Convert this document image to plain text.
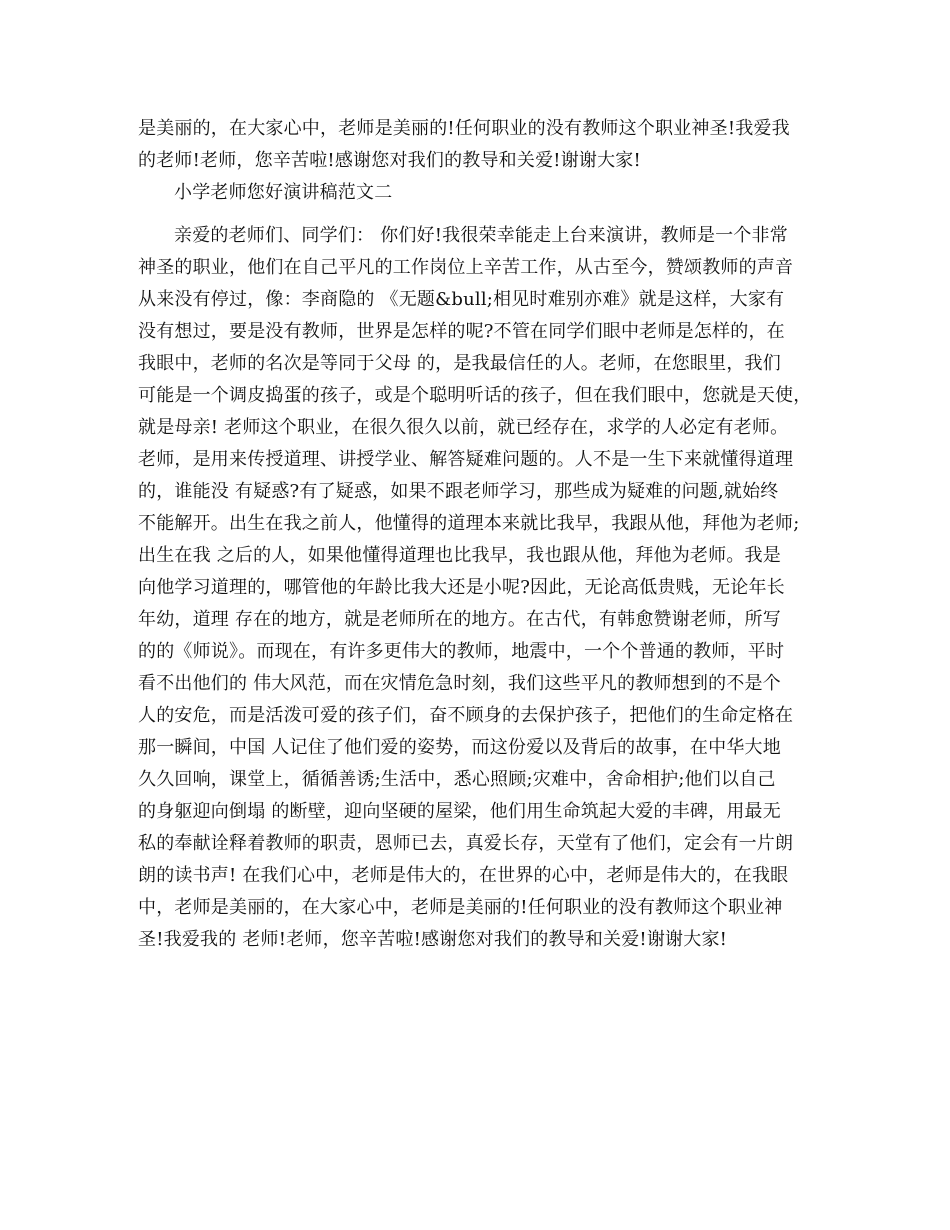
是美丽的，在大家心中，老师是美丽的!任何职业的没有教师这个职业神圣!我爱我
的老师!老师，您辛苦啦!感谢您对我们的教导和关爱!谢谢大家!
小学老师您好演讲稿范文二
亲爱的老师们、同学们： 你们好!我很荣幸能走上台来演讲，教师是一个非常
神圣的职业，他们在自己平凡的工作岗位上辛苦工作，从古至今，赞颂教师的声音
从来没有停过，像：李商隐的 《无题&bull;相见时难别亦难》就是这样，大家有
没有想过，要是没有教师，世界是怎样的呢?不管在同学们眼中老师是怎样的，在
我眼中，老师的名次是等同于父母 的，是我最信任的人。老师，在您眼里，我们
可能是一个调皮捣蛋的孩子，或是个聪明听话的孩子，但在我们眼中，您就是天使，
就是母亲! 老师这个职业，在很久很久以前，就已经存在，求学的人必定有老师。
老师，是用来传授道理、讲授学业、解答疑难问题的。人不是一生下来就懂得道理
的，谁能没 有疑惑?有了疑惑，如果不跟老师学习，那些成为疑难的问题,就始终
不能解开。出生在我之前人，他懂得的道理本来就比我早，我跟从他，拜他为老师;
出生在我 之后的人，如果他懂得道理也比我早，我也跟从他，拜他为老师。我是
向他学习道理的，哪管他的年龄比我大还是小呢?因此，无论高低贵贱，无论年长
年幼，道理 存在的地方，就是老师所在的地方。在古代，有韩愈赞谢老师，所写
的的《师说》。而现在，有许多更伟大的教师，地震中，一个个普通的教师，平时
看不出他们的 伟大风范，而在灾情危急时刻，我们这些平凡的教师想到的不是个
人的安危，而是活泼可爱的孩子们，奋不顾身的去保护孩子，把他们的生命定格在
那一瞬间，中国 人记住了他们爱的姿势，而这份爱以及背后的故事，在中华大地
久久回响，课堂上，循循善诱;生活中，悉心照顾;灾难中，舍命相护;他们以自己
的身躯迎向倒塌 的断壁，迎向坚硬的屋梁，他们用生命筑起大爱的丰碑，用最无
私的奉献诠释着教师的职责，恩师已去，真爱长存，天堂有了他们，定会有一片朗
朗的读书声! 在我们心中，老师是伟大的，在世界的心中，老师是伟大的，在我眼
中，老师是美丽的，在大家心中，老师是美丽的!任何职业的没有教师这个职业神
圣!我爱我的 老师!老师，您辛苦啦!感谢您对我们的教导和关爱!谢谢大家!
